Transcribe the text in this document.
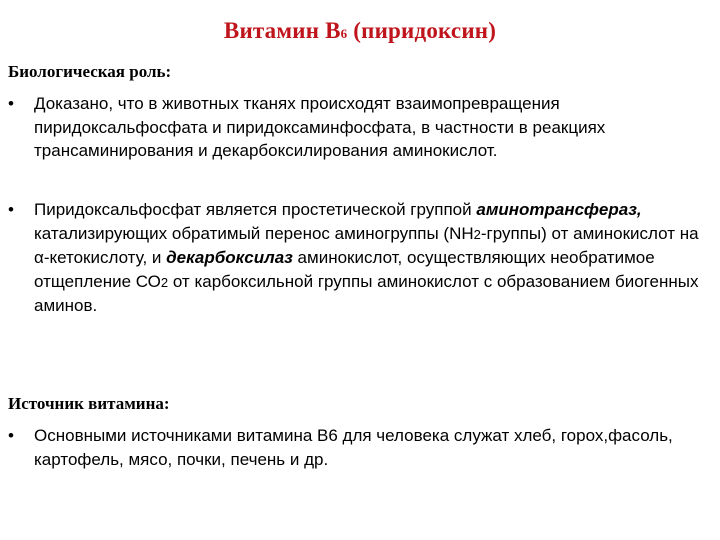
Витамин В6 (пиридоксин)
Биологическая роль:
• Доказано, что в животных тканях происходят взаимопревращения пиридоксальфосфата и пиридоксаминфосфата, в частности в реакциях трансаминирования и декарбоксилирования аминокислот.
• Пиридоксальфосфат является простетической группой аминотрансфераз, катализирующих обратимый перенос аминогруппы (NH2-группы) от аминокислот на α-кетокислоту, и декарбоксилаз аминокислот, осуществляющих необратимое отщепление СО2 от карбоксильной группы аминокислот с образованием биогенных аминов.
Источник витамина:
• Основными источниками витамина В6 для человека служат хлеб, горох,фасоль, картофель, мясо, почки, печень и др.
